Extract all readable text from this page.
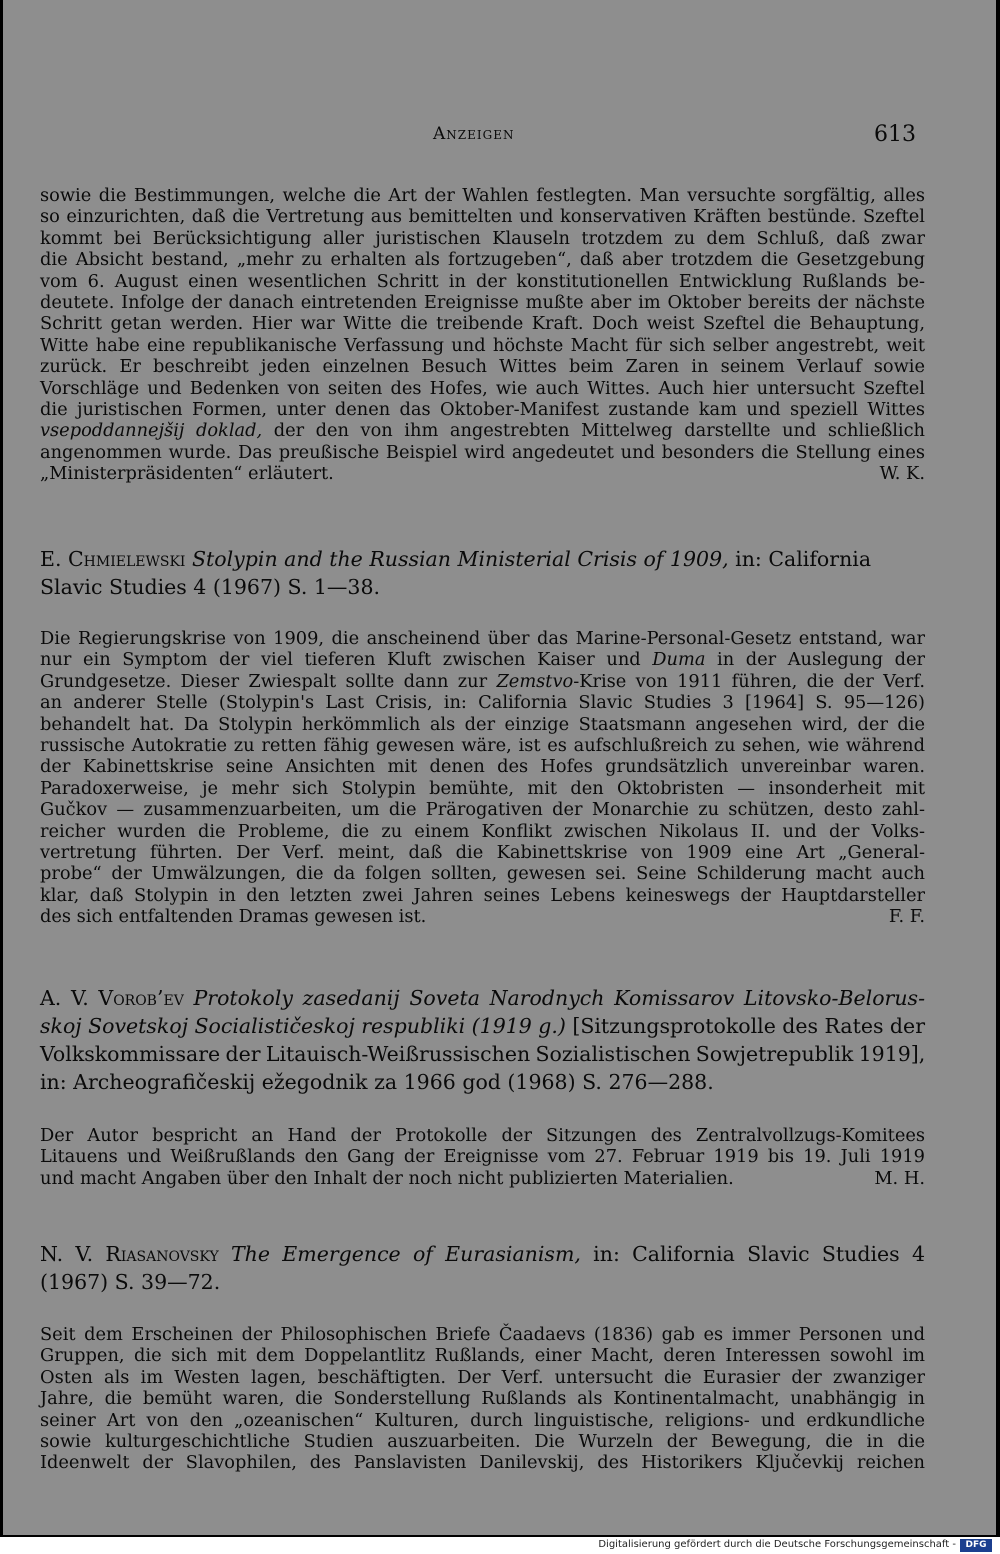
Anzeigen	613
sowie die Bestimmungen, welche die Art der Wahlen festlegten. Man versuchte sorgfältig, alles
so einzurichten, daß die Vertretung aus bemittelten und konservativen Kräften bestünde. Szeftel
kommt bei Berücksichtigung aller juristischen Klauseln trotzdem zu dem Schluß, daß zwar
die Absicht bestand, „mehr zu erhalten als fortzugeben“, daß aber trotzdem die Gesetzgebung
vom 6. August einen wesentlichen Schritt in der konstitutionellen Entwicklung Rußlands be-
deutete. Infolge der danach eintretenden Ereignisse mußte aber im Oktober bereits der nächste
Schritt getan werden. Hier war Witte die treibende Kraft. Doch weist Szeftel die Behauptung,
Witte habe eine republikanische Verfassung und höchste Macht für sich selber angestrebt, weit
zurück. Er beschreibt jeden einzelnen Besuch Wittes beim Zaren in seinem Verlauf sowie
Vorschläge und Bedenken von seiten des Hofes, wie auch Wittes. Auch hier untersucht Szeftel
die juristischen Formen, unter denen das Oktober-Manifest zustande kam und speziell Wittes
vsepoddannejšij doklad, der den von ihm angestrebten Mittelweg darstellte und schließlich
angenommen wurde. Das preußische Beispiel wird angedeutet und besonders die Stellung eines
„Ministerpräsidenten“ erläutert.	W. K.
E. Chmielewski Stolypin and the Russian Ministerial Crisis of 1909, in: California
Slavic Studies 4 (1967) S. 1—38.
Die Regierungskrise von 1909, die anscheinend über das Marine-Personal-Gesetz entstand, war
nur ein Symptom der viel tieferen Kluft zwischen Kaiser und Duma in der Auslegung der
Grundgesetze. Dieser Zwiespalt sollte dann zur Zemstvo-Krise von 1911 führen, die der Verf.
an anderer Stelle (Stolypin's Last Crisis, in: California Slavic Studies 3 [1964] S. 95—126)
behandelt hat. Da Stolypin herkömmlich als der einzige Staatsmann angesehen wird, der die
russische Autokratie zu retten fähig gewesen wäre, ist es aufschlußreich zu sehen, wie während
der Kabinettskrise seine Ansichten mit denen des Hofes grundsätzlich unvereinbar waren.
Paradoxerweise, je mehr sich Stolypin bemühte, mit den Oktobristen — insonderheit mit
Gučkov — zusammenzuarbeiten, um die Prärogativen der Monarchie zu schützen, desto zahl-
reicher wurden die Probleme, die zu einem Konflikt zwischen Nikolaus II. und der Volks-
vertretung führten. Der Verf. meint, daß die Kabinettskrise von 1909 eine Art „General-
probe“ der Umwälzungen, die da folgen sollten, gewesen sei. Seine Schilderung macht auch
klar, daß Stolypin in den letzten zwei Jahren seines Lebens keineswegs der Hauptdarsteller
des sich entfaltenden Dramas gewesen ist.	F. F.
A. V. Vorob’ev Protokoly zasedanij Soveta Narodnych Komissarov Litovsko-Belorus-
skoj Sovetskoj Socialističeskoj respubliki (1919 g.) [Sitzungsprotokolle des Rates der
Volkskommissare der Litauisch-Weißrussischen Sozialistischen Sowjetrepublik 1919],
in: Archeografičeskij ežegodnik za 1966 god (1968) S. 276—288.
Der Autor bespricht an Hand der Protokolle der Sitzungen des Zentralvollzugs-Komitees
Litauens und Weißrußlands den Gang der Ereignisse vom 27. Februar 1919 bis 19. Juli 1919
und macht Angaben über den Inhalt der noch nicht publizierten Materialien.	M. H.
N. V. Riasanovsky The Emergence of Eurasianism, in: California Slavic Studies 4
(1967) S. 39—72.
Seit dem Erscheinen der Philosophischen Briefe Čaadaevs (1836) gab es immer Personen und
Gruppen, die sich mit dem Doppelantlitz Rußlands, einer Macht, deren Interessen sowohl im
Osten als im Westen lagen, beschäftigten. Der Verf. untersucht die Eurasier der zwanziger
Jahre, die bemüht waren, die Sonderstellung Rußlands als Kontinentalmacht, unabhängig in
seiner Art von den „ozeanischen“ Kulturen, durch linguistische, religions- und erdkundliche
sowie kulturgeschichtliche Studien auszuarbeiten. Die Wurzeln der Bewegung, die in die
Ideenwelt der Slavophilen, des Panslavisten Danilevskij, des Historikers Ključevkij reichen
Digitalisierung gefördert durch die Deutsche Forschungsgemeinschaft -	DFG
